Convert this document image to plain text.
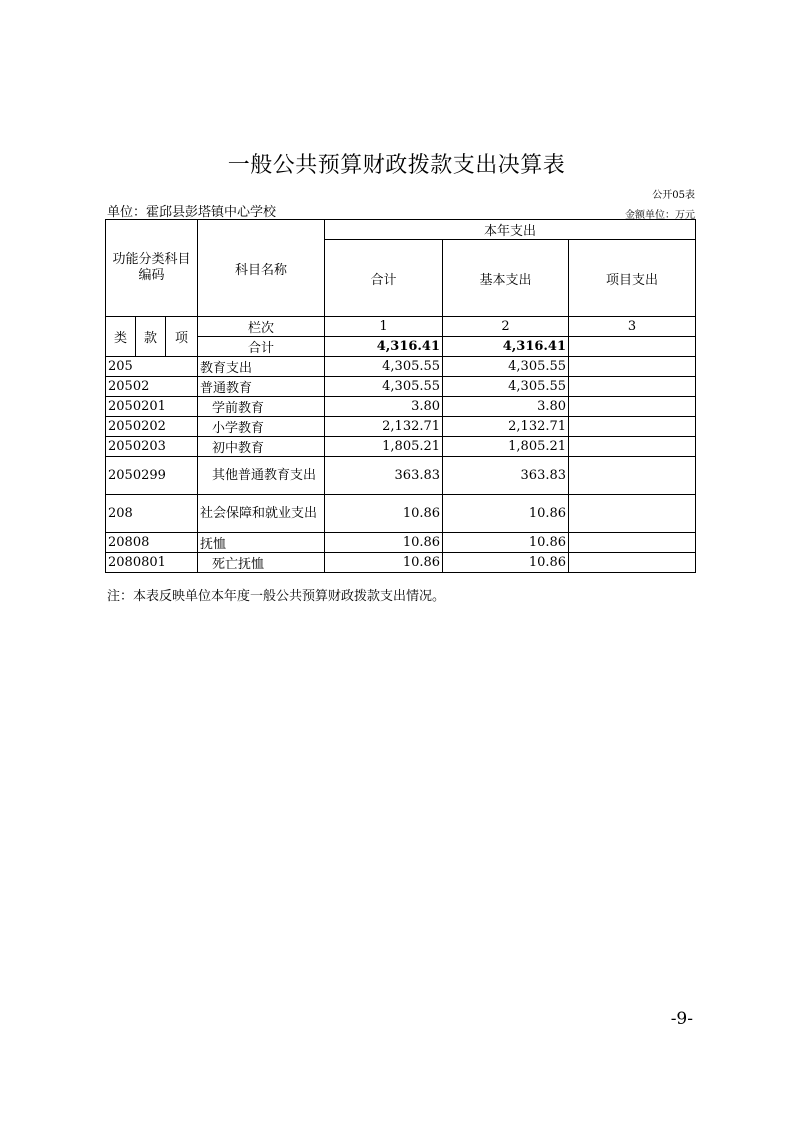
一般公共预算财政拨款支出决算表
公开05表
单位：霍邱县彭塔镇中心学校	金额单位：万元
功能分类科目编码			科目名称	本年支出		
				合计	基本支出	项目支出
类	款	项	栏次	1	2	3
			合计	4,316.41	4,316.41	
205			教育支出	4,305.55	4,305.55	
20502			普通教育	4,305.55	4,305.55	
2050201			学前教育	3.80	3.80	
2050202			小学教育	2,132.71	2,132.71	
2050203			初中教育	1,805.21	1,805.21	
2050299			其他普通教育支出	363.83	363.83	
208			社会保障和就业支出	10.86	10.86	
20808			抚恤	10.86	10.86	
2080801			死亡抚恤	10.86	10.86	
注：本表反映单位本年度一般公共预算财政拨款支出情况。
-9-
